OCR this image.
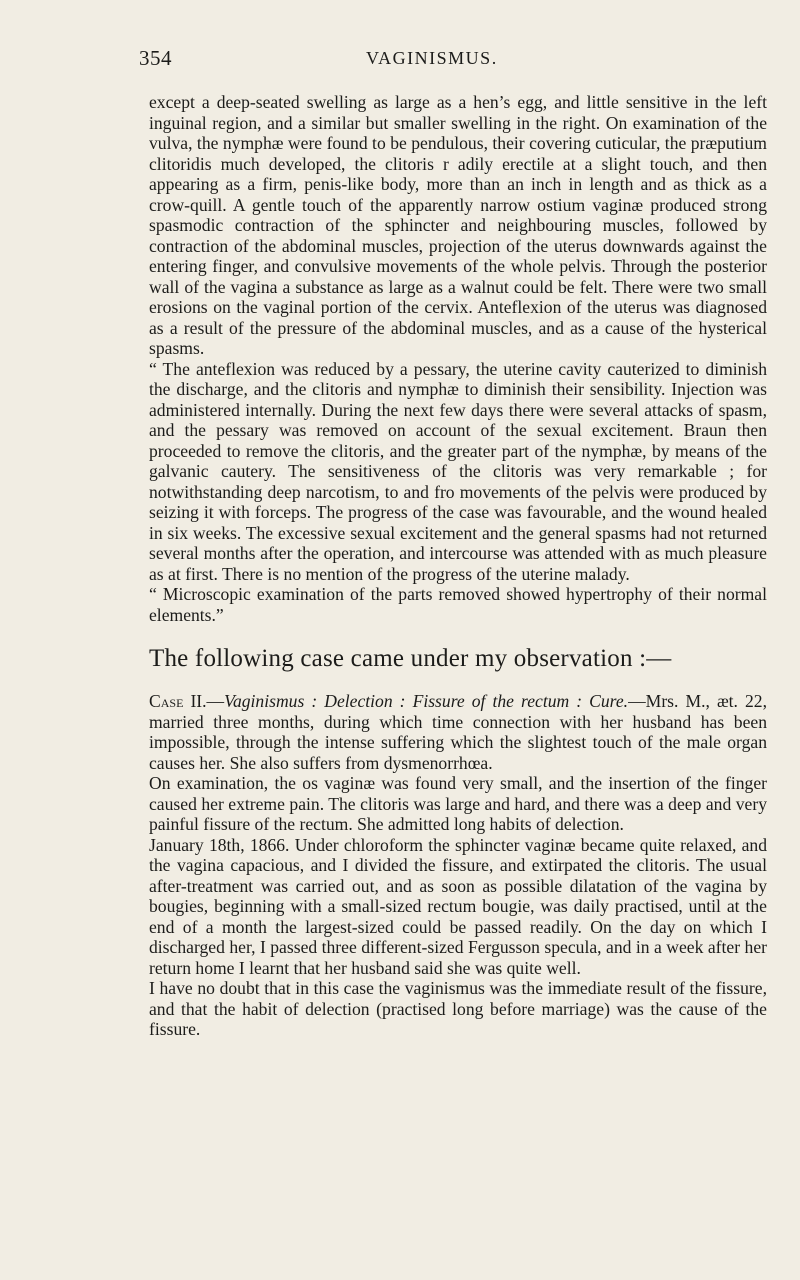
354	VAGINISMUS.

except a deep-seated swelling as large as a hen’s egg, and little sensitive in the left inguinal region, and a similar but smaller swelling in the right. On examination of the vulva, the nymphæ were found to be pendulous, their covering cuticular, the præputium clitoridis much developed, the clitoris r adily erectile at a slight touch, and then appearing as a firm, penis-like body, more than an inch in length and as thick as a crow-quill. A gentle touch of the apparently narrow ostium vaginæ produced strong spasmodic contraction of the sphincter and neighbouring muscles, followed by contraction of the abdominal muscles, projection of the uterus downwards against the entering finger, and convulsive movements of the whole pelvis. Through the posterior wall of the vagina a substance as large as a walnut could be felt. There were two small erosions on the vaginal portion of the cervix. Anteflexion of the uterus was diagnosed as a result of the pressure of the abdominal muscles, and as a cause of the hysterical spasms.

“ The anteflexion was reduced by a pessary, the uterine cavity cauterized to diminish the discharge, and the clitoris and nymphæ to diminish their sensibility. Injection was administered internally. During the next few days there were several attacks of spasm, and the pessary was removed on account of the sexual excitement. Braun then proceeded to remove the clitoris, and the greater part of the nymphæ, by means of the galvanic cautery. The sensitiveness of the clitoris was very remarkable ; for notwithstanding deep narcotism, to and fro movements of the pelvis were produced by seizing it with forceps. The progress of the case was favourable, and the wound healed in six weeks. The excessive sexual excitement and the general spasms had not returned several months after the operation, and intercourse was attended with as much pleasure as at first. There is no mention of the progress of the uterine malady.

“ Microscopic examination of the parts removed showed hypertrophy of their normal elements.”

The following case came under my observation :—

Case II.—Vaginismus : Delection : Fissure of the rectum : Cure.—Mrs. M., æt. 22, married three months, during which time connection with her husband has been impossible, through the intense suffering which the slightest touch of the male organ causes her. She also suffers from dysmenorrhœa.

On examination, the os vaginæ was found very small, and the insertion of the finger caused her extreme pain. The clitoris was large and hard, and there was a deep and very painful fissure of the rectum. She admitted long habits of delection.

January 18th, 1866. Under chloroform the sphincter vaginæ became quite relaxed, and the vagina capacious, and I divided the fissure, and extirpated the clitoris. The usual after-treatment was carried out, and as soon as possible dilatation of the vagina by bougies, beginning with a small-sized rectum bougie, was daily practised, until at the end of a month the largest-sized could be passed readily. On the day on which I discharged her, I passed three different-sized Fergusson specula, and in a week after her return home I learnt that her husband said she was quite well.

I have no doubt that in this case the vaginismus was the immediate result of the fissure, and that the habit of delection (practised long before marriage) was the cause of the fissure.
